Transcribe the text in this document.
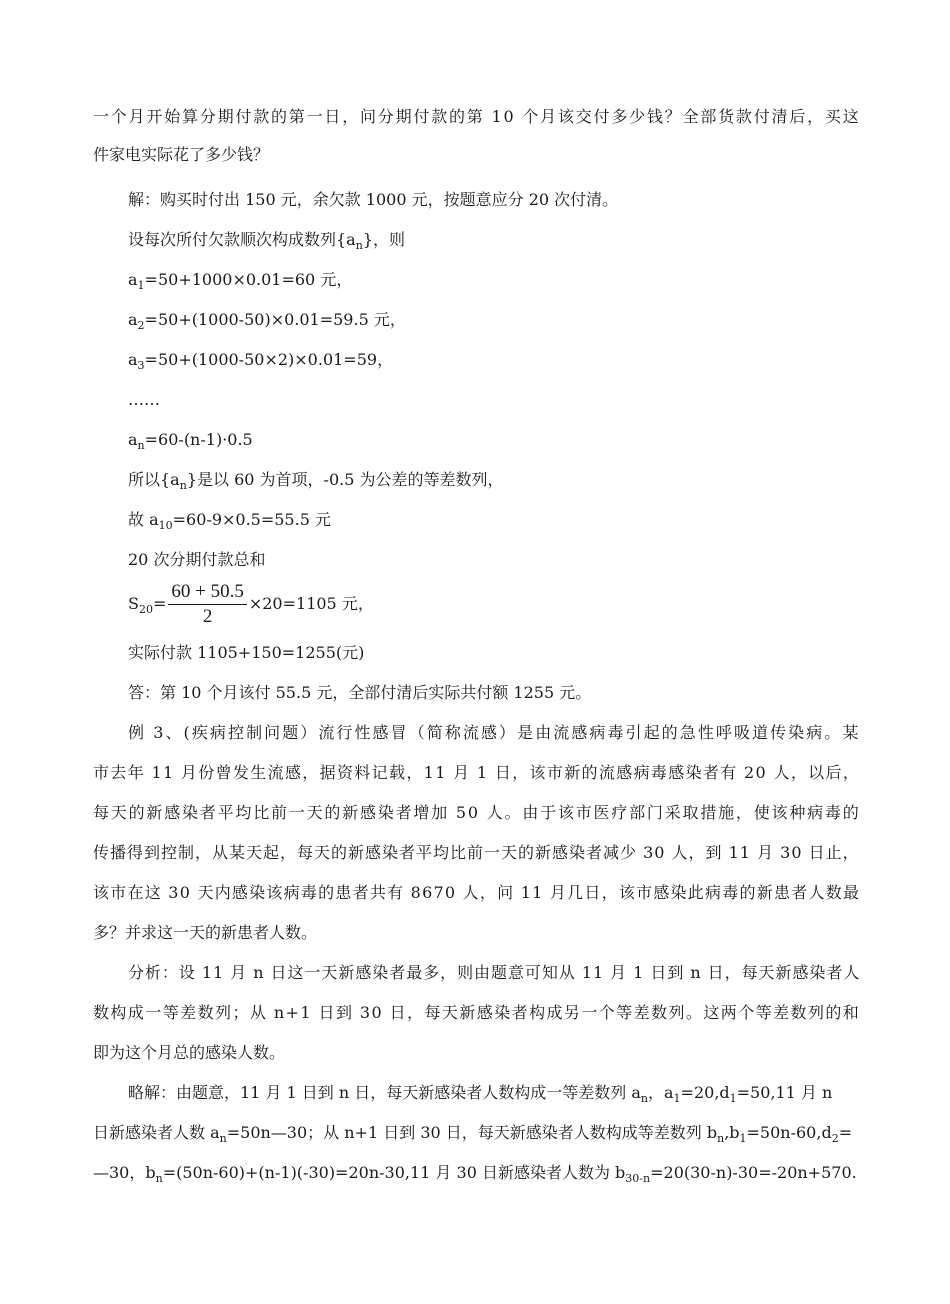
一个月开始算分期付款的第一日，问分期付款的第 10 个月该交付多少钱？全部货款付清后，买这
件家电实际花了多少钱？
解：购买时付出 150 元，余欠款 1000 元，按题意应分 20 次付清。
设每次所付欠款顺次构成数列$\{a_n\}$，则
$a_1=50+1000\times 0.01=60$ 元，
$a_2=50+(1000-50)\times 0.01=59.5$ 元，
$a_3=50+(1000-50\times 2)\times 0.01=59$，
……
$a_n=60-(n-1)\cdot 0.5$
所以$\{a_n\}$是以 60 为首项，-0.5 为公差的等差数列，
故 $a_{10}=60-9\times 0.5=55.5$ 元
20 次分期付款总和
$S_{20}= \frac{60 + 50.5}{2} \times 20=1105$ 元，
实际付款 1105+150=1255(元)
答：第 10 个月该付 55.5 元，全部付清后实际共付额 1255 元。
例 3、(疾病控制问题）流行性感冒（简称流感）是由流感病毒引起的急性呼吸道传染病。某
市去年 11 月份曾发生流感，据资料记载，11 月 1 日，该市新的流感病毒感染者有 20 人，以后，
每天的新感染者平均比前一天的新感染者增加 50 人。由于该市医疗部门采取措施，使该种病毒的
传播得到控制，从某天起，每天的新感染者平均比前一天的新感染者减少 30 人，到 11 月 30 日止，
该市在这 30 天内感染该病毒的患者共有 8670 人，问 11 月几日，该市感染此病毒的新患者人数最
多？并求这一天的新患者人数。
分析：设 11 月 n 日这一天新感染者最多，则由题意可知从 11 月 1 日到 n 日，每天新感染者人
数构成一等差数列；从 n+1 日到 30 日，每天新感染者构成另一个等差数列。这两个等差数列的和
即为这个月总的感染人数。
略解：由题意，11 月 1 日到 n 日，每天新感染者人数构成一等差数列 $a_n$，$a_1=20,d_1=50,11$ 月 n
日新感染者人数 $a_n=50n—30$；从 n+1 日到 30 日，每天新感染者人数构成等差数列 $b_n,b_1=50n-60,d_2=$
—30，$b_n=(50n-60)+(n-1)(-30)=20n-30,11$ 月 30 日新感染者人数为 $b_{30-n}=20(30-n)-30=-20n+570$.
